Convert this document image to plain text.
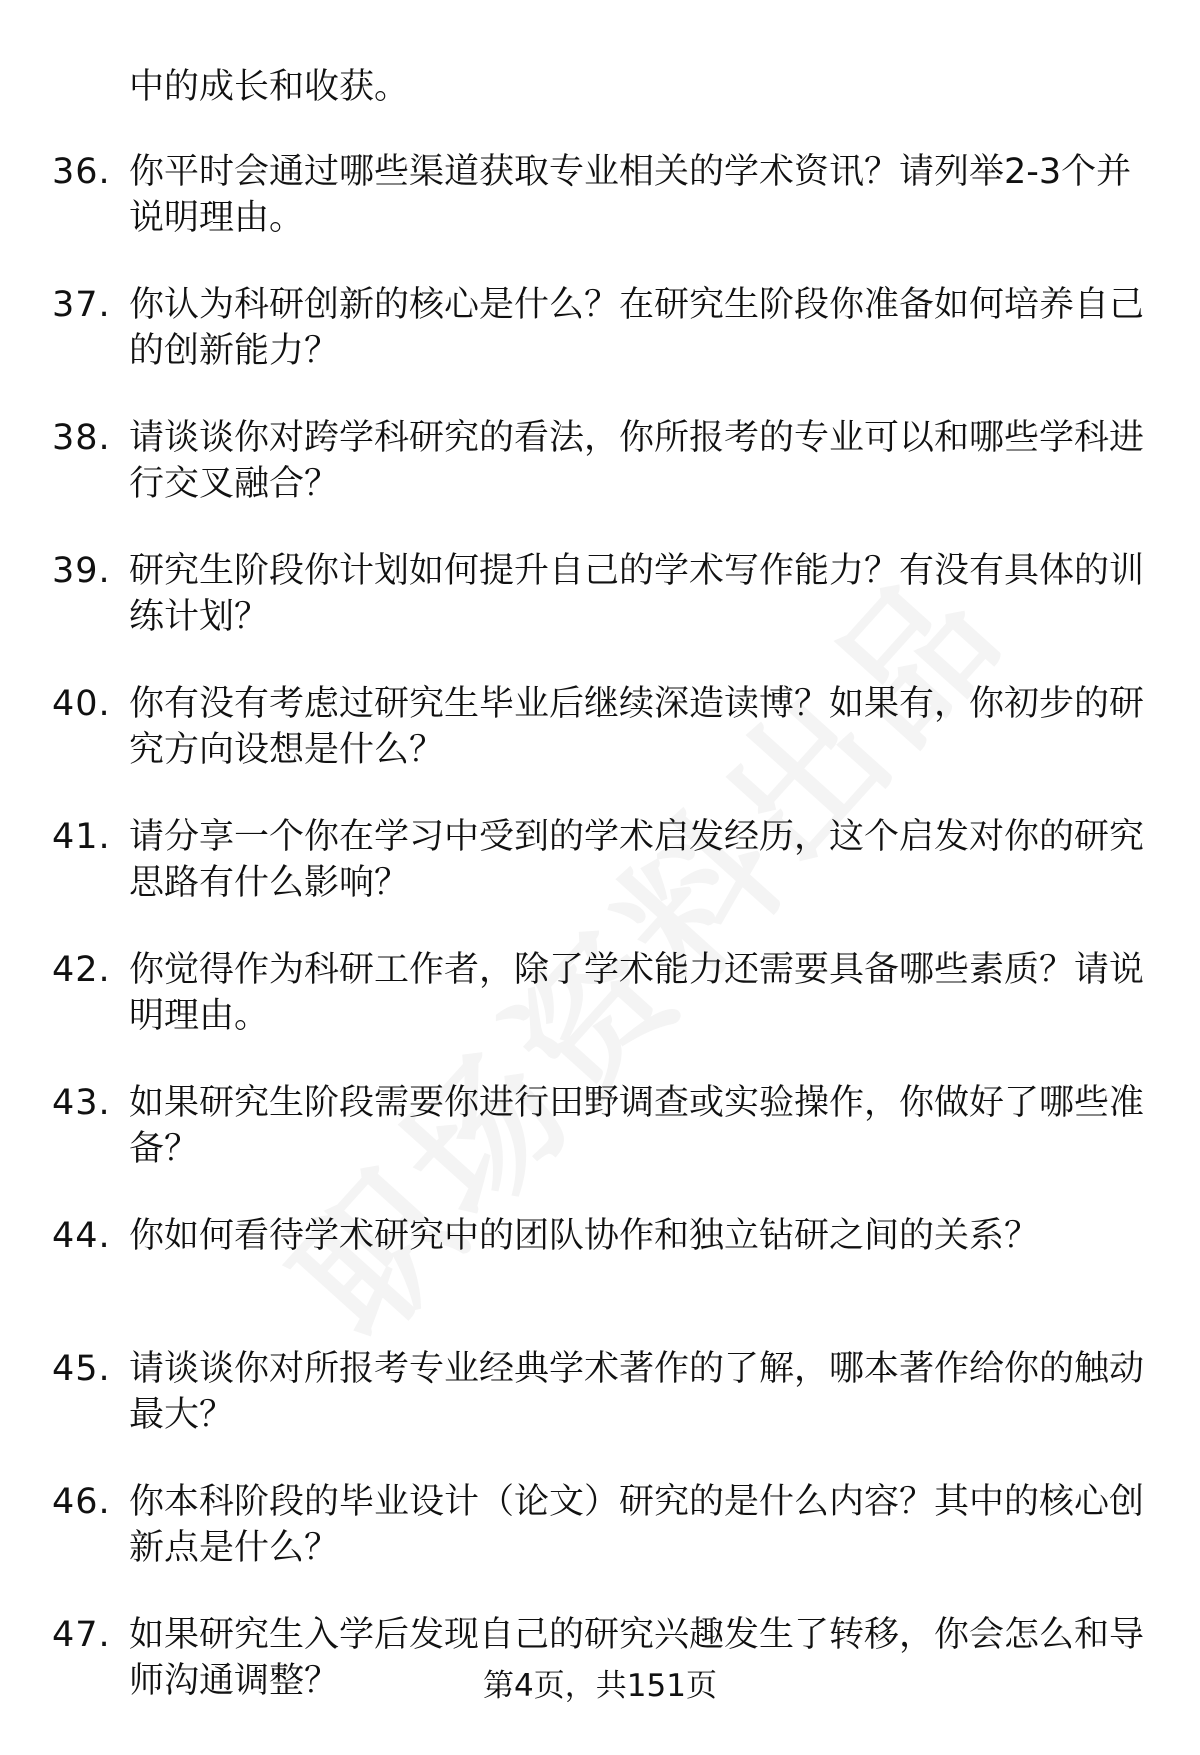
中的成长和收获。

36. 你平时会通过哪些渠道获取专业相关的学术资讯？请列举2-3个并说明理由。

37. 你认为科研创新的核心是什么？在研究生阶段你准备如何培养自己的创新能力？

38. 请谈谈你对跨学科研究的看法，你所报考的专业可以和哪些学科进行交叉融合？

39. 研究生阶段你计划如何提升自己的学术写作能力？有没有具体的训练计划？

40. 你有没有考虑过研究生毕业后继续深造读博？如果有，你初步的研究方向设想是什么？

41. 请分享一个你在学习中受到的学术启发经历，这个启发对你的研究思路有什么影响？

42. 你觉得作为科研工作者，除了学术能力还需要具备哪些素质？请说明理由。

43. 如果研究生阶段需要你进行田野调查或实验操作，你做好了哪些准备？

44. 你如何看待学术研究中的团队协作和独立钻研之间的关系？

45. 请谈谈你对所报考专业经典学术著作的了解，哪本著作给你的触动最大？

46. 你本科阶段的毕业设计（论文）研究的是什么内容？其中的核心创新点是什么？

47. 如果研究生入学后发现自己的研究兴趣发生了转移，你会怎么和导师沟通调整？	第4页，共151页
